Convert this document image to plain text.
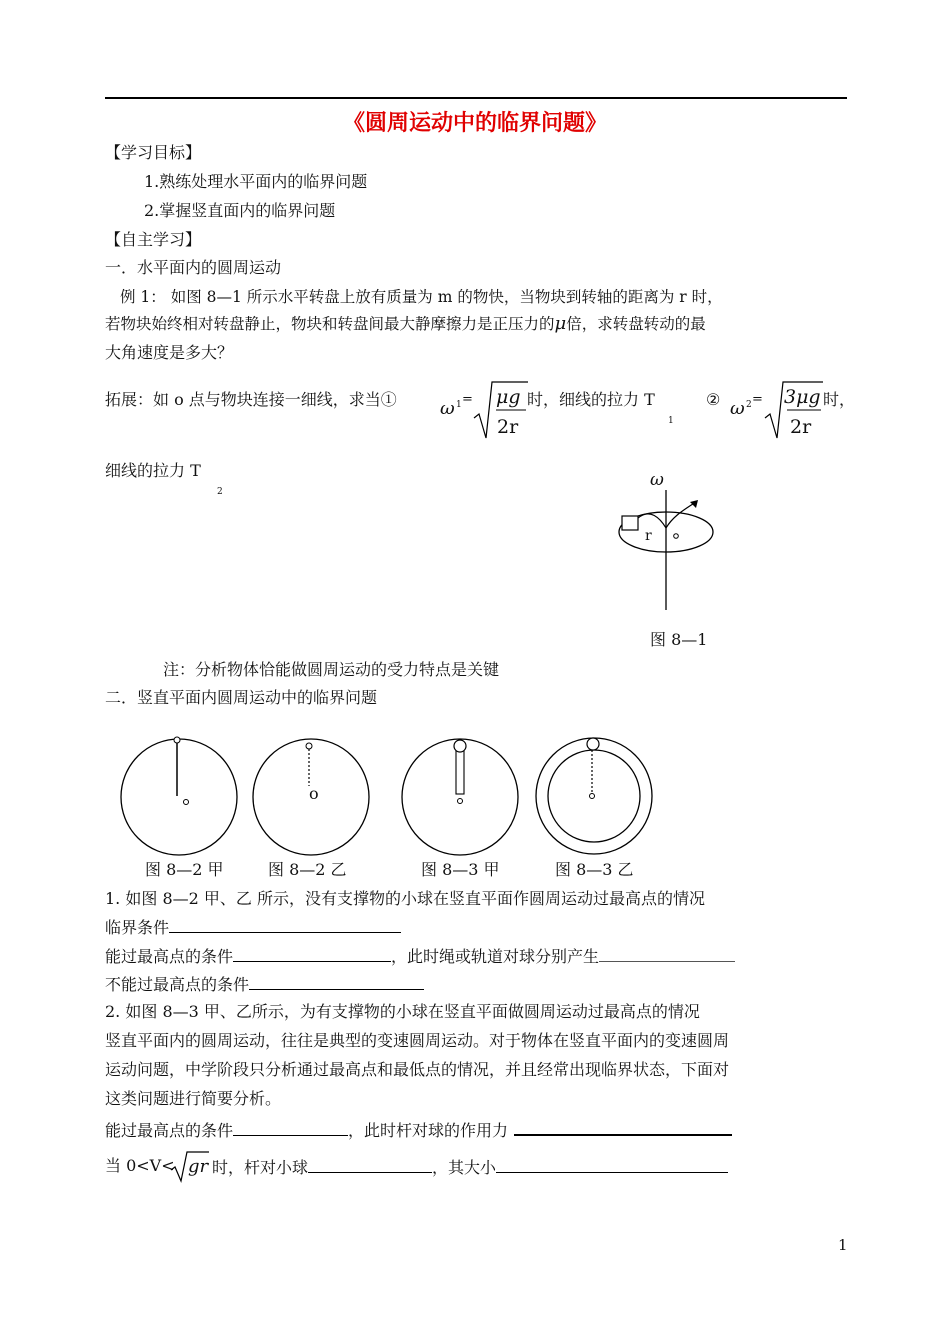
《圆周运动中的临界问题》
【学习目标】
1.熟练处理水平面内的临界问题
2.掌握竖直面内的临界问题
【自主学习】
一．水平面内的圆周运动
例 1： 如图 8—1 所示水平转盘上放有质量为 m 的物快，当物块到转轴的距离为 r 时，
若物块始终相对转盘静止，物块和转盘间最大静摩擦力是正压力的μ倍，求转盘转动的最
大角速度是多大？
拓展：如 o 点与物块连接一细线，求当① ω 1 = μg
2r
时，细线的拉力 T
1
② ω 2 = 3μg
2r
时，
细线的拉力 T
2
ω
r
图 8—1
注：分析物体恰能做圆周运动的受力特点是关键
二．竖直平面内圆周运动中的临界问题
o
图 8—2 甲	图 8—2 乙	图 8—3 甲	图 8—3 乙
1. 如图 8—2 甲、乙 所示，没有支撑物的小球在竖直平面作圆周运动过最高点的情况
临界条件
能过最高点的条件	，此时绳或轨道对球分别产生
不能过最高点的条件
2. 如图 8—3 甲、乙所示，为有支撑物的小球在竖直平面做圆周运动过最高点的情况
竖直平面内的圆周运动，往往是典型的变速圆周运动。对于物体在竖直平面内的变速圆周
运动问题，中学阶段只分析通过最高点和最低点的情况，并且经常出现临界状态，下面对
这类问题进行简要分析。
能过最高点的条件	，此时杆对球的作用力
当 0<V< gr 时，杆对小球	，其大小
1
